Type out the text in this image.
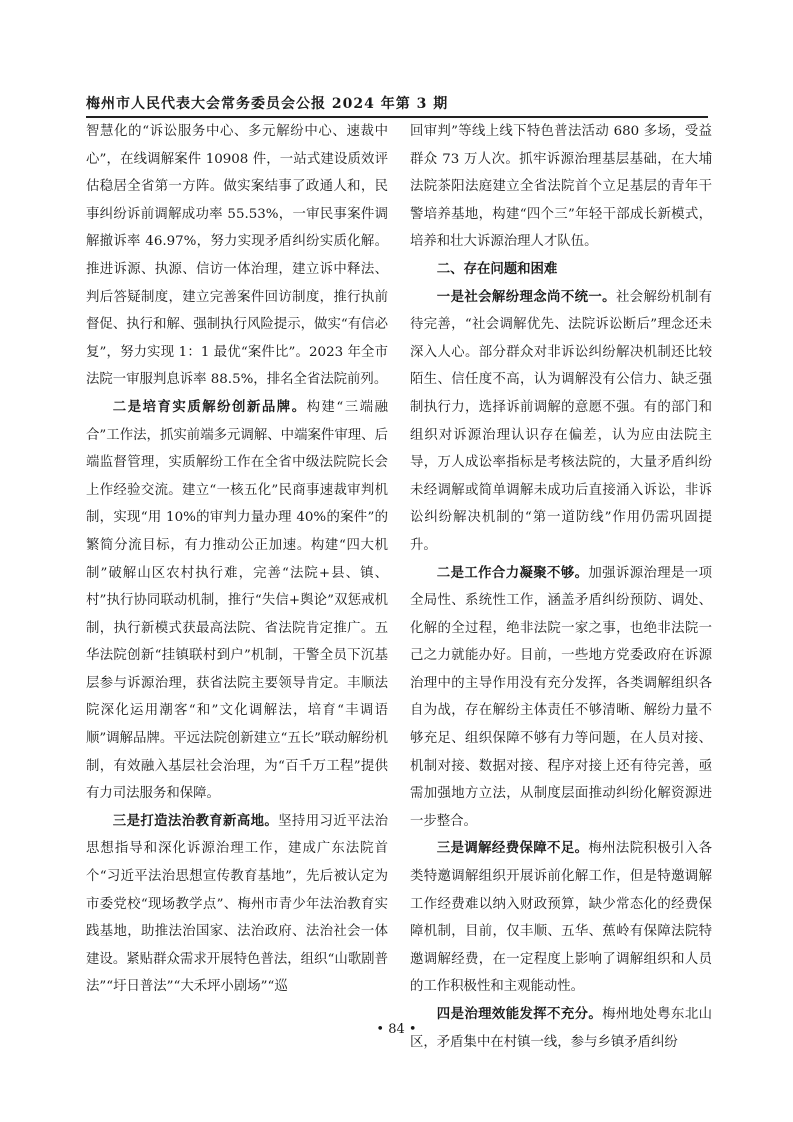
梅州市人民代表大会常务委员会公报 2024 年第 3 期

智慧化的“诉讼服务中心、多元解纷中心、速裁中心”，在线调解案件 10908 件，一站式建设质效评估稳居全省第一方阵。做实案结事了政通人和，民事纠纷诉前调解成功率 55.53%，一审民事案件调解撤诉率 46.97%，努力实现矛盾纠纷实质化解。推进诉源、执源、信访一体治理，建立诉中释法、判后答疑制度，建立完善案件回访制度，推行执前督促、执行和解、强制执行风险提示，做实“有信必复”，努力实现 1：1 最优“案件比”。2023 年全市法院一审服判息诉率 88.5%，排名全省法院前列。

二是培育实质解纷创新品牌。构建“三端融合”工作法，抓实前端多元调解、中端案件审理、后端监督管理，实质解纷工作在全省中级法院院长会上作经验交流。建立“一核五化”民商事速裁审判机制，实现“用 10%的审判力量办理 40%的案件”的繁简分流目标，有力推动公正加速。构建“四大机制”破解山区农村执行难，完善“法院+县、镇、村”执行协同联动机制，推行“失信+舆论”双惩戒机制，执行新模式获最高法院、省法院肯定推广。五华法院创新“挂镇联村到户”机制，干警全员下沉基层参与诉源治理，获省法院主要领导肯定。丰顺法院深化运用潮客“和”文化调解法，培育“丰调语顺”调解品牌。平远法院创新建立“五长”联动解纷机制，有效融入基层社会治理，为“百千万工程”提供有力司法服务和保障。

三是打造法治教育新高地。坚持用习近平法治思想指导和深化诉源治理工作，建成广东法院首个“习近平法治思想宣传教育基地”，先后被认定为市委党校“现场教学点”、梅州市青少年法治教育实践基地，助推法治国家、法治政府、法治社会一体建设。紧贴群众需求开展特色普法，组织“山歌剧普法”“圩日普法”“大禾坪小剧场”“巡

回审判”等线上线下特色普法活动 680 多场，受益群众 73 万人次。抓牢诉源治理基层基础，在大埔法院茶阳法庭建立全省法院首个立足基层的青年干警培养基地，构建“四个三”年轻干部成长新模式，培养和壮大诉源治理人才队伍。

二、存在问题和困难

一是社会解纷理念尚不统一。社会解纷机制有待完善，“社会调解优先、法院诉讼断后”理念还未深入人心。部分群众对非诉讼纠纷解决机制还比较陌生、信任度不高，认为调解没有公信力、缺乏强制执行力，选择诉前调解的意愿不强。有的部门和组织对诉源治理认识存在偏差，认为应由法院主导，万人成讼率指标是考核法院的，大量矛盾纠纷未经调解或简单调解未成功后直接涌入诉讼，非诉讼纠纷解决机制的“第一道防线”作用仍需巩固提升。

二是工作合力凝聚不够。加强诉源治理是一项全局性、系统性工作，涵盖矛盾纠纷预防、调处、化解的全过程，绝非法院一家之事，也绝非法院一己之力就能办好。目前，一些地方党委政府在诉源治理中的主导作用没有充分发挥，各类调解组织各自为战，存在解纷主体责任不够清晰、解纷力量不够充足、组织保障不够有力等问题，在人员对接、机制对接、数据对接、程序对接上还有待完善，亟需加强地方立法，从制度层面推动纠纷化解资源进一步整合。

三是调解经费保障不足。梅州法院积极引入各类特邀调解组织开展诉前化解工作，但是特邀调解工作经费难以纳入财政预算，缺少常态化的经费保障机制，目前，仅丰顺、五华、蕉岭有保障法院特邀调解经费，在一定程度上影响了调解组织和人员的工作积极性和主观能动性。

四是治理效能发挥不充分。梅州地处粤东北山区，矛盾集中在村镇一线，参与乡镇矛盾纠纷

• 84 •
